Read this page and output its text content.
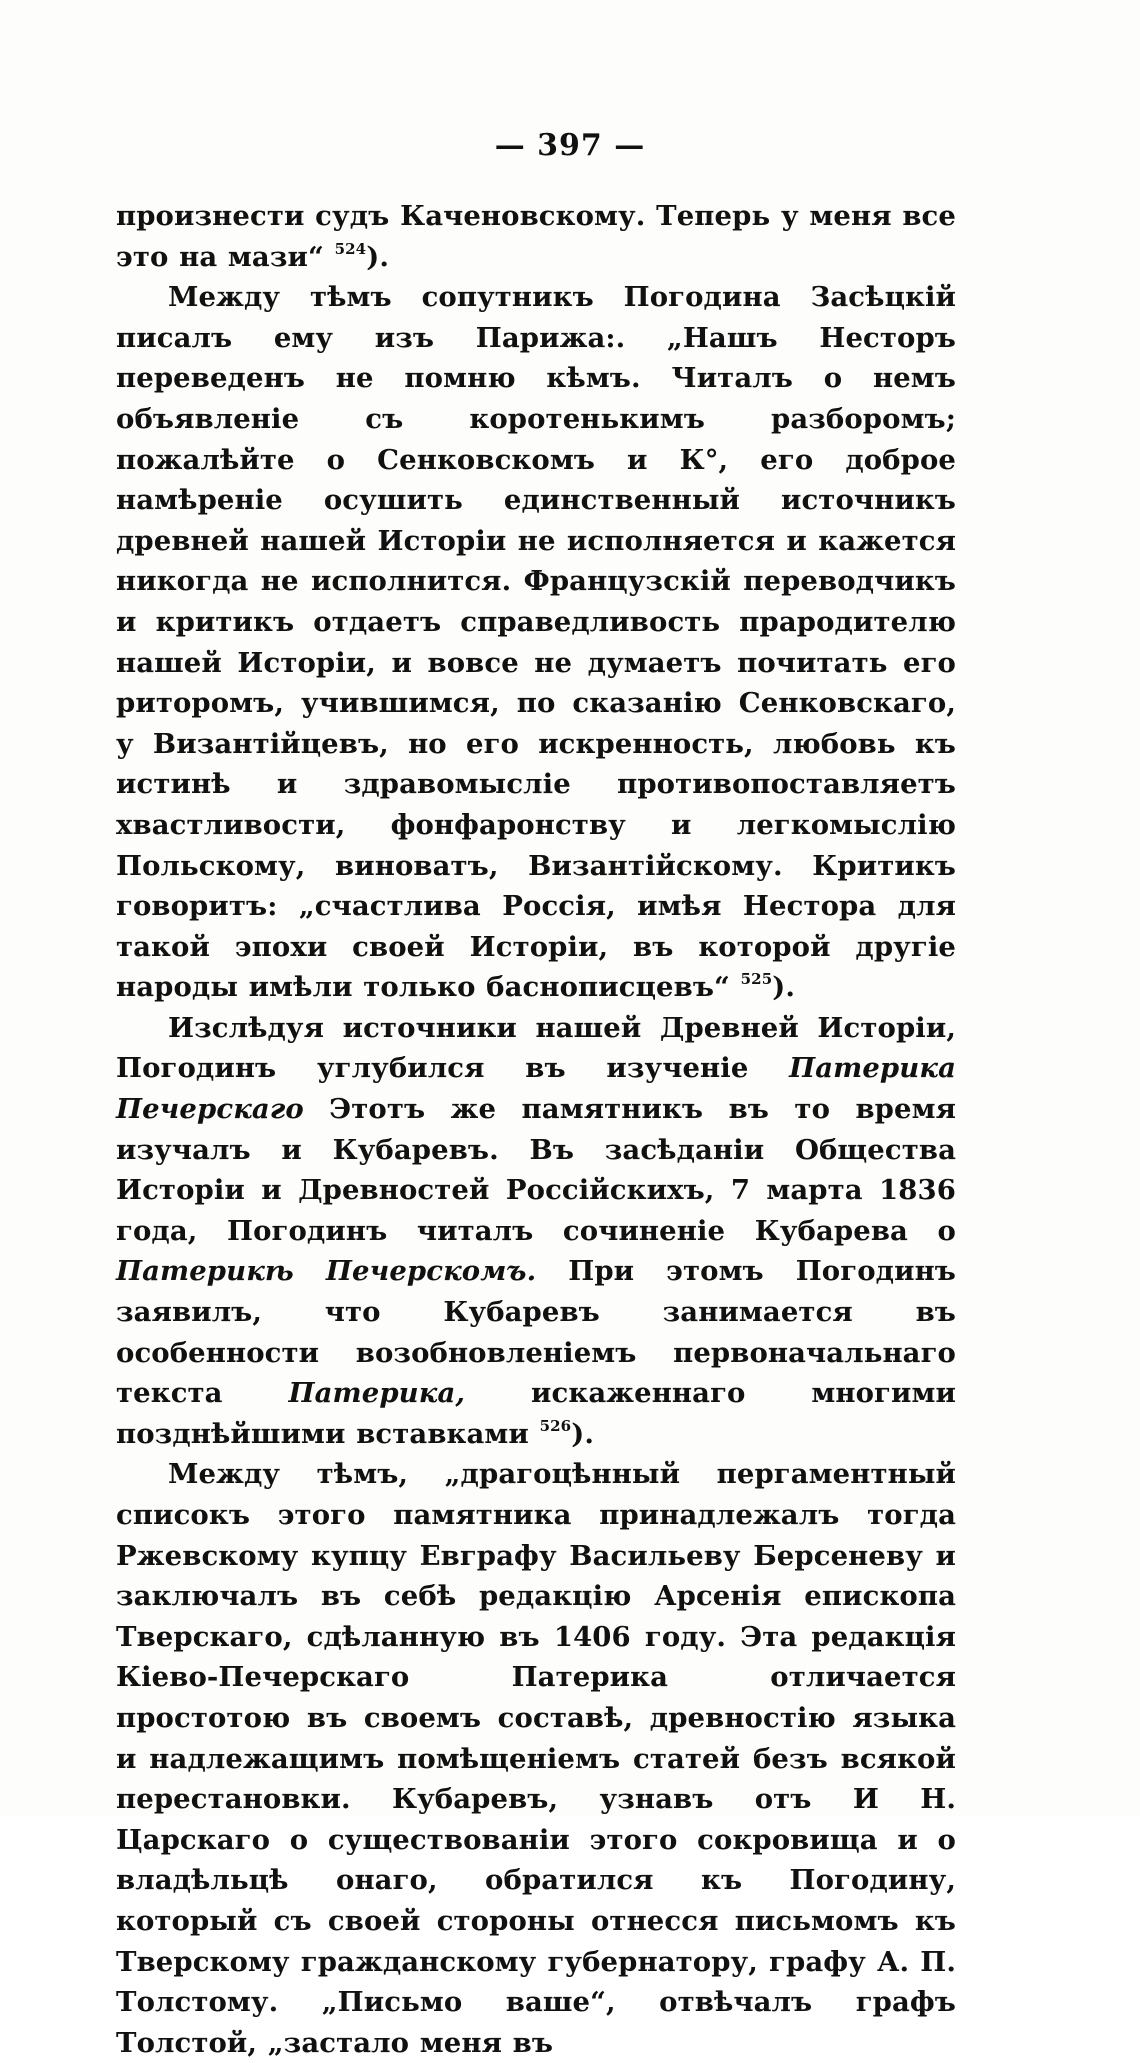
— 397 —

произнести судъ Каченовскому. Теперь у меня все это на мази“ $^{524}$).

Между тѣмъ сопутникъ Погодина Засѣцкій писалъ ему изъ Парижа:. „Нашъ Несторъ переведенъ не помню кѣмъ. Читалъ о немъ объявленіе съ коротенькимъ разборомъ; пожалѣйте о Сенковскомъ и К°, его доброе намѣреніе осушить единственный источникъ древней нашей Исторіи не исполняется и кажется никогда не исполнится. Французскій переводчикъ и критикъ отдаетъ справедливость прародителю нашей Исторіи, и вовсе не думаетъ почитать его риторомъ, учившимся, по сказанію Сенковскаго, у Византійцевъ, но его искренность, любовь къ истинѣ и здравомыслie противопоставляетъ хвастливости, фонфаронству и легкомыслію Польскому, виноватъ, Византійскому. Критикъ говоритъ: „счастлива Россія, имѣя Нестора для такой эпохи своей Исторіи, въ которой другіе народы имѣли только баснописцевъ“ $^{525}$).

Изслѣдуя источники нашей Древней Исторіи, Погодинъ углубился въ изученіе Патерика Печерскаго Этотъ же памятникъ въ то время изучалъ и Кубаревъ. Въ засѣданіи Общества Исторіи и Древностей Россійскихъ, 7 марта 1836 года, Погодинъ читалъ сочиненіе Кубарева о Патерикѣ Печерскомъ. При этомъ Погодинъ заявилъ, что Кубаревъ занимается въ особенности возобновленіемъ первоначальнаго текста Патерика, искаженнаго многими позднѣйшими вставками $^{526}$).

Между тѣмъ, „драгоцѣнный пергаментный списокъ этого памятника принадлежалъ тогда Ржевскому купцу Евграфу Васильеву Берсеневу и заключалъ въ себѣ редакцію Арсенія епископа Тверскаго, сдѣланную въ 1406 году. Эта редакція Кіево-Печерскаго Патерика отличается простотою въ своемъ составѣ, древностію языка и надлежащимъ помѣщеніемъ статей безъ всякой перестановки. Кубаревъ, узнавъ отъ И Н. Царскаго о существованіи этого сокровища и о владѣльцѣ онаго, обратился къ Погодину, который съ своей стороны отнесся письмомъ къ Тверскому гражданскому губернатору, графу А. П. Толстому. „Письмо ваше“, отвѣчалъ графъ Толстой, „застало меня въ
